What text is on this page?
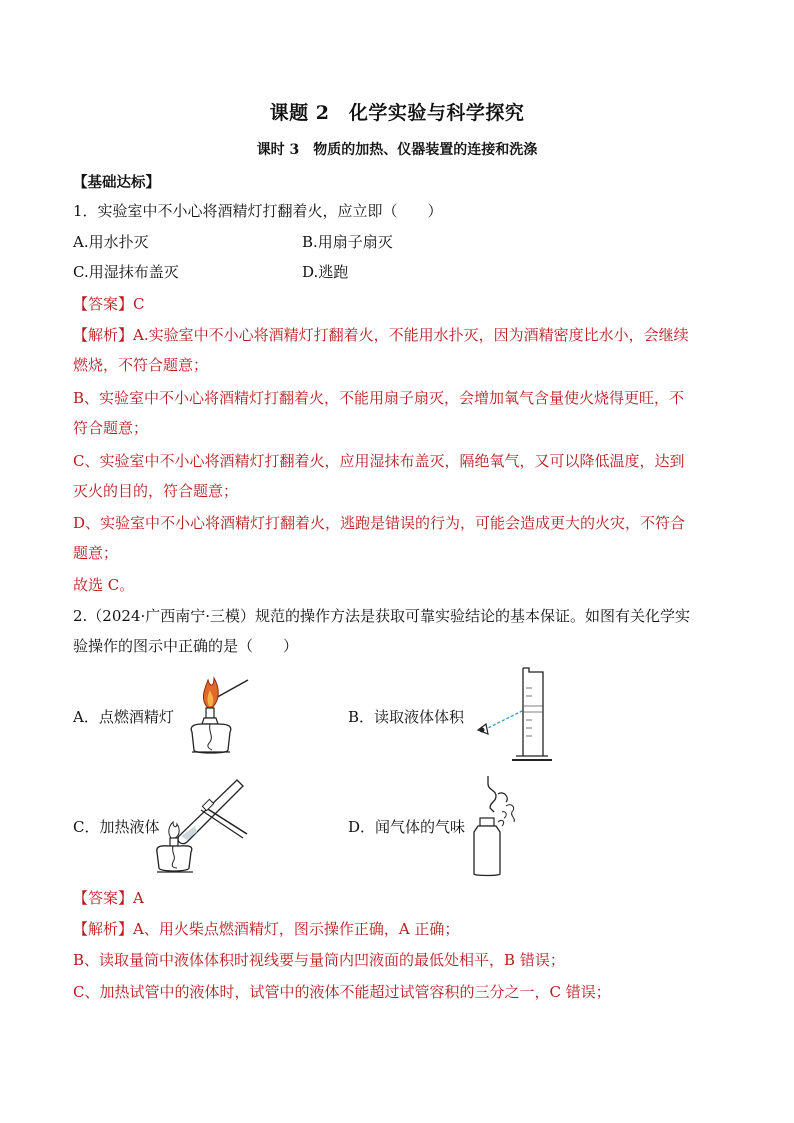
课题 2　化学实验与科学探究
课时 3　物质的加热、仪器装置的连接和洗涤
【基础达标】
1．实验室中不小心将酒精灯打翻着火，应立即（　　）
A.用水扑灭	B.用扇子扇灭
C.用湿抹布盖灭	D.逃跑
【答案】C
【解析】A.实验室中不小心将酒精灯打翻着火，不能用水扑灭，因为酒精密度比水小，会继续
燃烧，不符合题意；
B、实验室中不小心将酒精灯打翻着火，不能用扇子扇灭，会增加氧气含量使火烧得更旺，不
符合题意；
C、实验室中不小心将酒精灯打翻着火，应用湿抹布盖灭，隔绝氧气，又可以降低温度，达到
灭火的目的，符合题意；
D、实验室中不小心将酒精灯打翻着火，逃跑是错误的行为，可能会造成更大的火灾，不符合
题意；
故选 C。
2.（2024·广西南宁·三模）规范的操作方法是获取可靠实验结论的基本保证。如图有关化学实
验操作的图示中正确的是（　　）
A．点燃酒精灯	B．读取液体体积
C．加热液体	D．闻气体的气味
【答案】A
【解析】A、用火柴点燃酒精灯，图示操作正确，A 正确；
B、读取量筒中液体体积时视线要与量筒内凹液面的最低处相平，B 错误；
C、加热试管中的液体时，试管中的液体不能超过试管容积的三分之一，C 错误；
